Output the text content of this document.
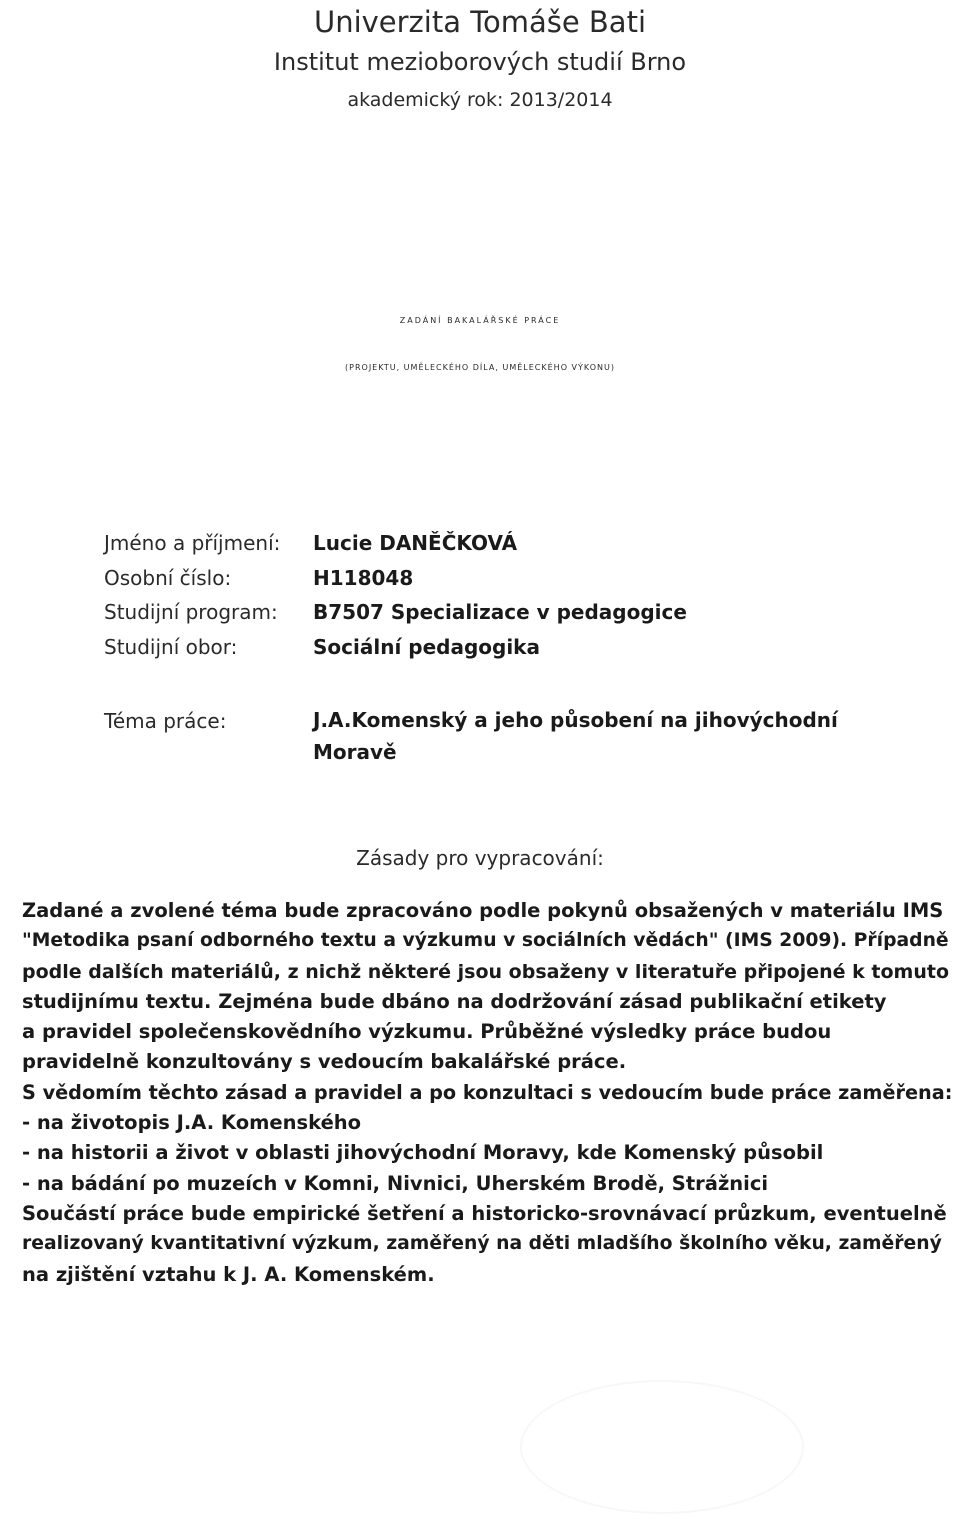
Univerzita Tomáše Bati
Institut mezioborových studií Brno
akademický rok: 2013/2014
ZADÁNÍ BAKALÁŘSKÉ PRÁCE
(PROJEKTU, UMĚLECKÉHO DÍLA, UMĚLECKÉHO VÝKONU)
Jméno a příjmení:	Lucie DANĚČKOVÁ
Osobní číslo:	H118048
Studijní program:	B7507 Specializace v pedagogice
Studijní obor:	Sociální pedagogika
Téma práce:	J.A.Komenský a jeho působení na jihovýchodní
Moravě
Zásady pro vypracování:
Zadané a zvolené téma bude zpracováno podle pokynů obsažených v materiálu IMS
"Metodika psaní odborného textu a výzkumu v sociálních vědách" (IMS 2009). Případně
podle dalších materiálů, z nichž některé jsou obsaženy v literatuře připojené k tomuto
studijnímu textu. Zejména bude dbáno na dodržování zásad publikační etikety
a pravidel společenskovědního výzkumu. Průběžné výsledky práce budou
pravidelně konzultovány s vedoucím bakalářské práce.
S vědomím těchto zásad a pravidel a po konzultaci s vedoucím bude práce zaměřena:
- na životopis J.A. Komenského
- na historii a život v oblasti jihovýchodní Moravy, kde Komenský působil
- na bádání po muzeích v Komni, Nivnici, Uherském Brodě, Strážnici
Součástí práce bude empirické šetření a historicko-srovnávací průzkum, eventuelně
realizovaný kvantitativní výzkum, zaměřený na děti mladšího školního věku, zaměřený
na zjištění vztahu k J. A. Komenském.
